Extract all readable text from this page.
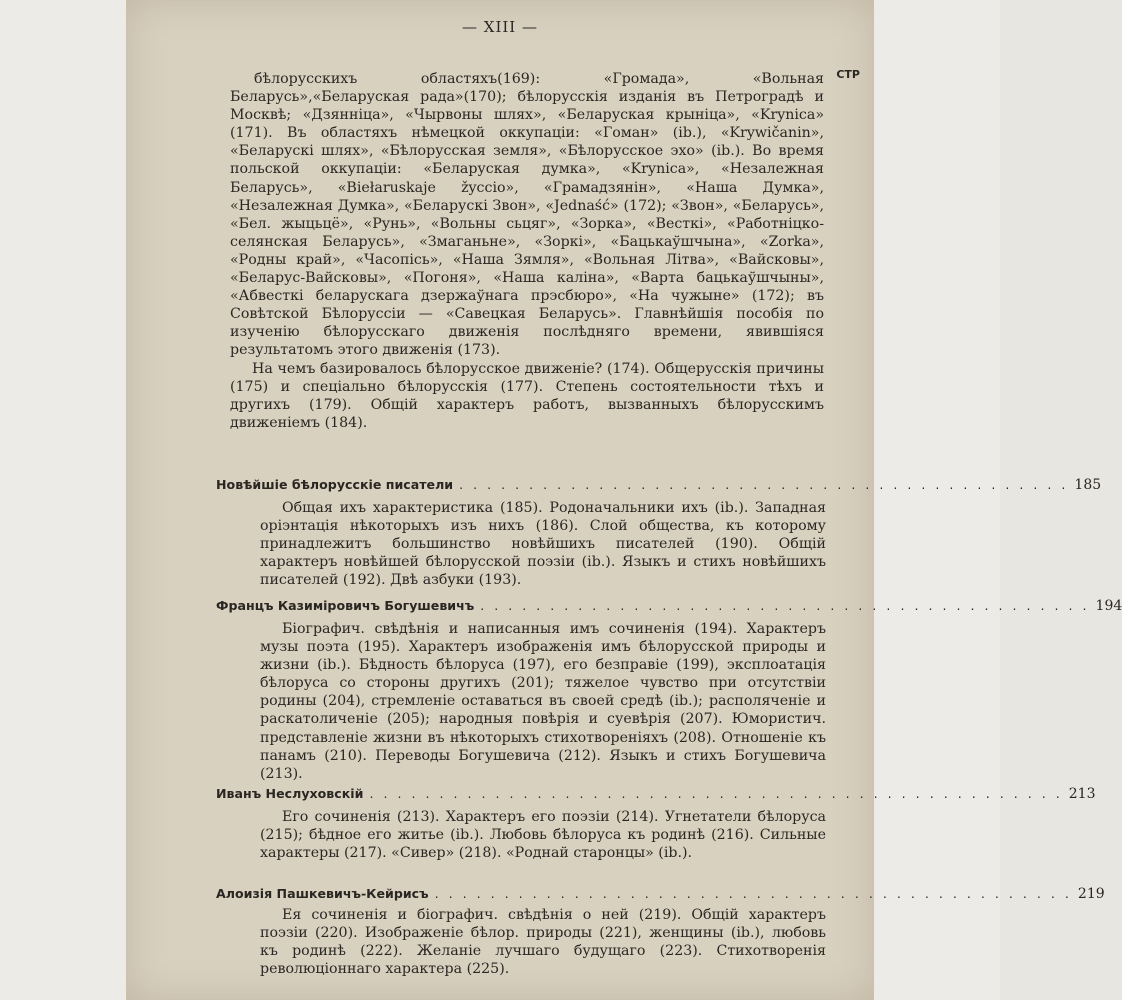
— XIII —
СТР

бѣлорусскихъ областяхъ(169): «Громада», «Вольная Беларусь»,«Беларуская рада»(170); бѣлорусскія изданія въ Петроградѣ и Москвѣ; «Дзянніца», «Чырвоны шлях», «Беларуская крыніца», «Krynica» (171). Въ областяхъ нѣмецкой оккупаціи: «Гоман» (ib.), «Krywičanin», «Беларускі шлях», «Бѣлорусская земля», «Бѣлорусское эхо» (ib.). Во время польской оккупаціи: «Беларуская думка», «Krynica», «Незалежная Беларусь», «Biełaruskaje žyccio», «Грамадзянін», «Наша Думка», «Незалежная Думка», «Беларускі Звон», «Jednaść» (172); «Звон», «Беларусь», «Бел. жыцьцё», «Рунь», «Вольны сьцяг», «Зорка», «Весткі», «Работніцко-селянская Беларусь», «Змаганьне», «Зоркі», «Бацькаўшчына», «Zorka», «Родны край», «Часопісь», «Наша Зямля», «Вольная Літва», «Вайсковы», «Беларус-Вайсковы», «Погоня», «Наша каліна», «Варта бацькаўшчыны», «Абвесткі беларускага дзержаўнага прэсбюро», «На чужыне» (172); въ Совѣтской Бѣлоруссіи — «Савецкая Беларусь». Главнѣйшія пособія по изученію бѣлорусскаго движенія послѣдняго времени, явившіяся результатомъ этого движенія (173).

На чемъ базировалось бѣлорусское движеніе? (174). Общерусскія причины (175) и спеціально бѣлорусскія (177). Степень состоятельности тѣхъ и другихъ (179). Общій характеръ работъ, вызванныхъ бѣлорусскимъ движеніемъ (184).

Новѣйшіе бѣлорусскіе писатели . . . . . . . . . . . . . . . . . . . . . . . . . . . . . . . . . . . . . . . . . . . . 185

Общая ихъ характеристика (185). Родоначальники ихъ (ib.). Западная оріэнтація нѣкоторыхъ изъ нихъ (186). Слой общества, къ которому принадлежитъ большинство новѣйшихъ писателей (190). Общій характеръ новѣйшей бѣлорусской поэзіи (ib.). Языкъ и стихъ новѣйшихъ писателей (192). Двѣ азбуки (193).

Францъ Казиміровичъ Богушевичъ . . . . . . . . . . . . . . . . . . . . . . . . . . . . . . . . . . . . . . . . . . . . 194

Біографич. свѣдѣнія и написанныя имъ сочиненія (194). Характеръ музы поэта (195). Характеръ изображенія имъ бѣлорусской природы и жизни (ib.). Бѣдность бѣлоруса (197), его безправіе (199), эксплоатація бѣлоруса со стороны другихъ (201); тяжелое чувство при отсутствіи родины (204), стремленіе оставаться въ своей средѣ (ib.); располяченіе и раскатоличеніе (205); народныя повѣрія и суевѣрія (207). Юмористич. представленіе жизни въ нѣкоторыхъ стихотвореніяхъ (208). Отношеніе къ панамъ (210). Переводы Богушевича (212). Языкъ и стихъ Богушевича (213).

Иванъ Неслуховскій . . . . . . . . . . . . . . . . . . . . . . . . . . . . . . . . . . . . . . . . . . . . . . . . . . 213

Его сочиненія (213). Характеръ его поэзіи (214). Угнетатели бѣлоруса (215); бѣдное его житье (ib.). Любовь бѣлоруса къ родинѣ (216). Сильные характеры (217). «Сивер» (218). «Роднай старонцы» (ib.).

Алоизія Пашкевичъ-Кейрисъ . . . . . . . . . . . . . . . . . . . . . . . . . . . . . . . . . . . . . . . . . . . . . . 219

Ея сочиненія и біографич. свѣдѣнія о ней (219). Общій характеръ поэзіи (220). Изображеніе бѣлор. природы (221), женщины (ib.), любовь къ родинѣ (222). Желаніе лучшаго будущаго (223). Стихотворенія революціоннаго характера (225).
